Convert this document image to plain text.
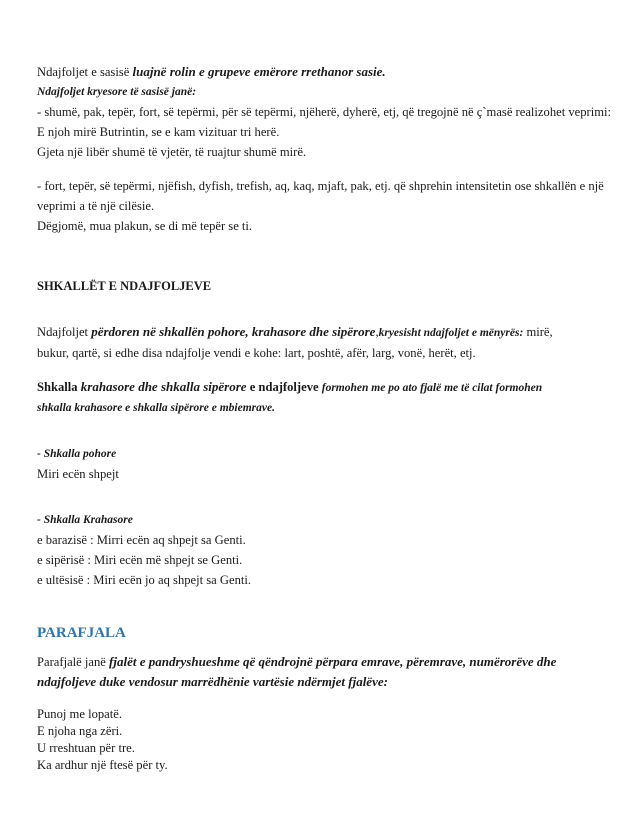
Ndajfoljet e sasisë luajnë rolin e grupeve emërore rrethanor sasie.
Ndajfoljet kryesore të sasisë janë:
- shumë, pak, tepër, fort, së tepërmi, për së tepërmi, njëherë, dyherë, etj, që tregojnë në ç`masë realizohet veprimi:
E njoh mirë Butrintin, se e kam vizituar tri herë.
Gjeta një libër shumë të vjetër, të ruajtur shumë mirë.
- fort, tepër, së tepërmi, njëfish, dyfish, trefish, aq, kaq, mjaft, pak, etj. që shprehin intensitetin ose shkallën e një
veprimi a të një cilësie.
Dëgjomë, mua plakun, se di më tepër se ti.
SHKALLËT E NDAJFOLJEVE
Ndajfoljet përdoren në shkallën pohore, krahasore dhe sipërore,kryesisht ndajfoljet e mënyrës: mirë,
bukur, qartë, si edhe disa ndajfolje vendi e kohe: lart, poshtë, afër, larg, vonë, herët, etj.
Shkalla krahasore dhe shkalla sipërore e ndajfoljeve formohen me po ato fjalë me të cilat formohen
shkalla krahasore e shkalla sipërore e mbiemrave.
- Shkalla pohore
Miri ecën shpejt
- Shkalla Krahasore
e barazisë : Mirri ecën aq shpejt sa Genti.
e sipërisë : Miri ecën më shpejt se Genti.
e ultësisë : Miri ecën jo aq shpejt sa Genti.
PARAFJALA
Parafjalë janë fjalët e pandryshueshme që qëndrojnë përpara emrave, përemrave, numërorëve dhe ndajfoljeve duke vendosur marrëdhënie vartësie ndërmjet fjalëve:
Punoj me lopatë.
E njoha nga zëri.
U rreshtuan për tre.
Ka ardhur një ftesë për ty.
